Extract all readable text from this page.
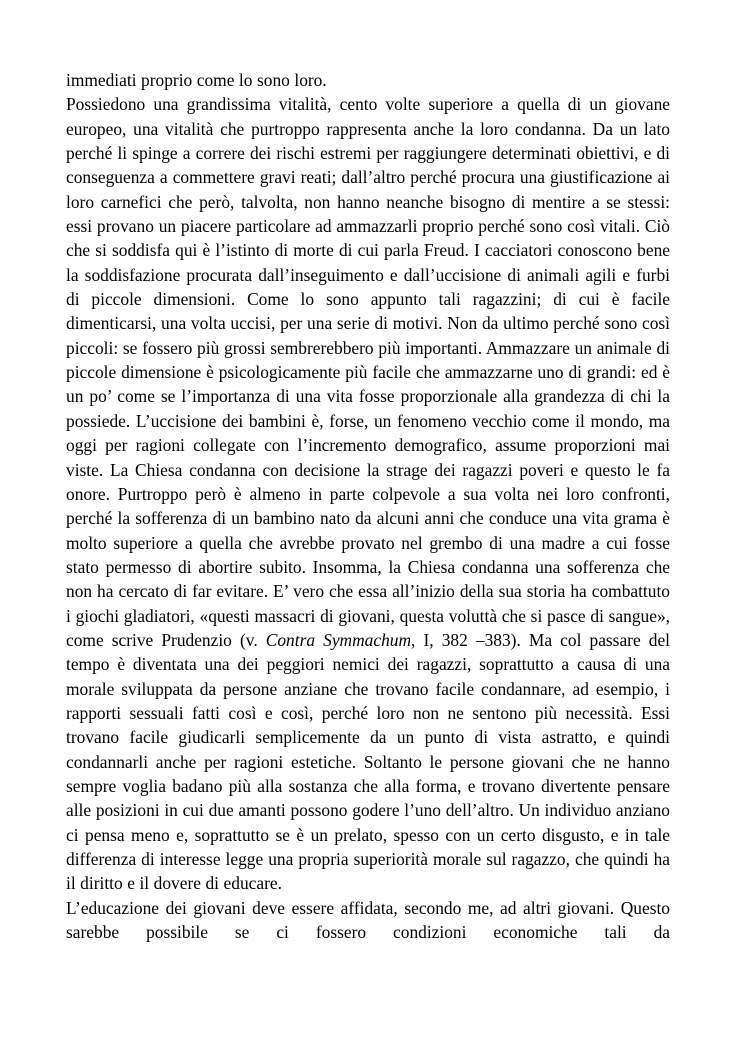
immediati proprio come lo sono loro.

Possiedono una grandissima vitalità, cento volte superiore a quella di un giovane europeo, una vitalità che purtroppo rappresenta anche la loro condanna. Da un lato perché li spinge a correre dei rischi estremi per raggiungere determinati obiettivi, e di conseguenza a commettere gravi reati; dall’altro perché procura una giustificazione ai loro carnefici che però, talvolta, non hanno neanche bisogno di mentire a se stessi: essi provano un piacere particolare ad ammazzarli proprio perché sono così vitali. Ciò che si soddisfa qui è l’istinto di morte di cui parla Freud. I cacciatori conoscono bene la soddisfazione procurata dall’inseguimento e dall’uccisione di animali agili e furbi di piccole dimensioni. Come lo sono appunto tali ragazzini; di cui è facile dimenticarsi, una volta uccisi, per una serie di motivi. Non da ultimo perché sono così piccoli: se fossero più grossi sembrerebbero più importanti. Ammazzare un animale di piccole dimensione è psicologicamente più facile che ammazzarne uno di grandi: ed è un po’ come se l’importanza di una vita fosse proporzionale alla grandezza di chi la possiede. L’uccisione dei bambini è, forse, un fenomeno vecchio come il mondo, ma oggi per ragioni collegate con l’incremento demografico, assume proporzioni mai viste. La Chiesa condanna con decisione la strage dei ragazzi poveri e questo le fa onore. Purtroppo però è almeno in parte colpevole a sua volta nei loro confronti, perché la sofferenza di un bambino nato da alcuni anni che conduce una vita grama è molto superiore a quella che avrebbe provato nel grembo di una madre a cui fosse stato permesso di abortire subito. Insomma, la Chiesa condanna una sofferenza che non ha cercato di far evitare. E’ vero che essa all’inizio della sua storia ha combattuto i giochi gladiatori, «questi massacri di giovani, questa voluttà che si pasce di sangue», come scrive Prudenzio (v. Contra Symmachum, I, 382 –383). Ma col passare del tempo è diventata una dei peggiori nemici dei ragazzi, soprattutto a causa di una morale sviluppata da persone anziane che trovano facile condannare, ad esempio, i rapporti sessuali fatti così e così, perché loro non ne sentono più necessità. Essi trovano facile giudicarli semplicemente da un punto di vista astratto, e quindi condannarli anche per ragioni estetiche. Soltanto le persone giovani che ne hanno sempre voglia badano più alla sostanza che alla forma, e trovano divertente pensare alle posizioni in cui due amanti possono godere l’uno dell’altro. Un individuo anziano ci pensa meno e, soprattutto se è un prelato, spesso con un certo disgusto, e in tale differenza di interesse legge una propria superiorità morale sul ragazzo, che quindi ha il diritto e il dovere di educare.

L’educazione dei giovani deve essere affidata, secondo me, ad altri giovani. Questo sarebbe possibile se ci fossero condizioni economiche tali da
